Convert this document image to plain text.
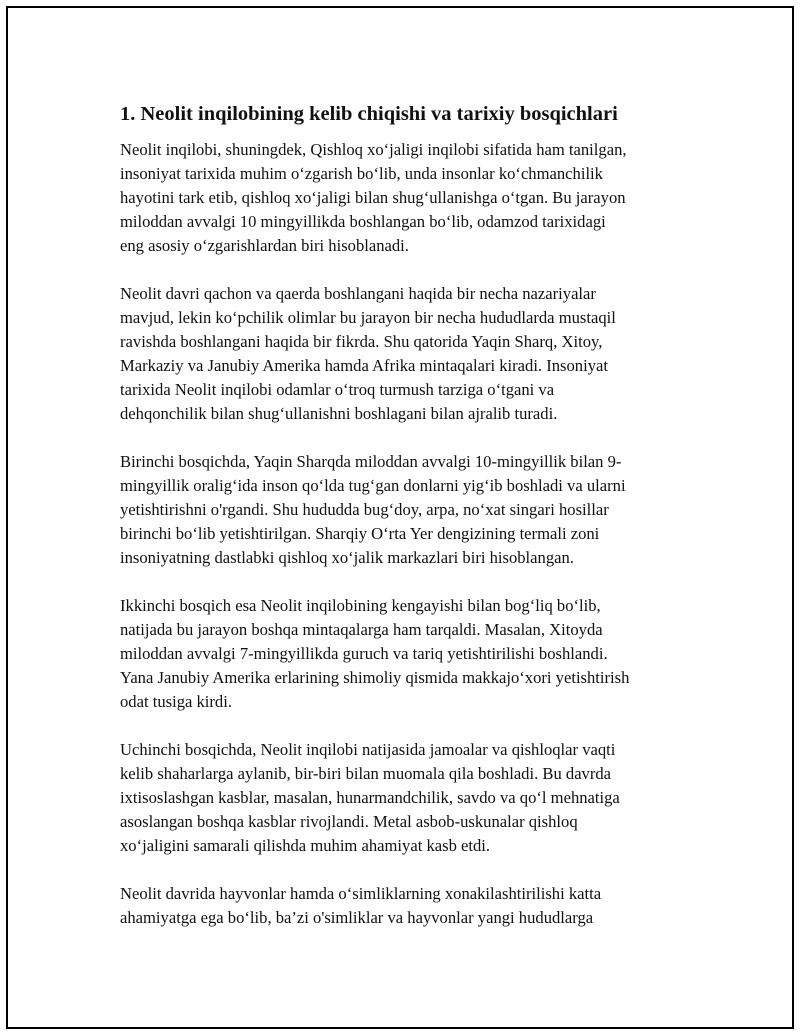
1. Neolit inqilobining kelib chiqishi va tarixiy bosqichlari
Neolit inqilobi, shuningdek, Qishloq xo‘jaligi inqilobi sifatida ham tanilgan,
insoniyat tarixida muhim o‘zgarish bo‘lib, unda insonlar ko‘chmanchilik
hayotini tark etib, qishloq xo‘jaligi bilan shug‘ullanishga o‘tgan. Bu jarayon
miloddan avvalgi 10 mingyillikda boshlangan bo‘lib, odamzod tarixidagi
eng asosiy o‘zgarishlardan biri hisoblanadi.
Neolit davri qachon va qaerda boshlangani haqida bir necha nazariyalar
mavjud, lekin ko‘pchilik olimlar bu jarayon bir necha hududlarda mustaqil
ravishda boshlangani haqida bir fikrda. Shu qatorida Yaqin Sharq, Xitoy,
Markaziy va Janubiy Amerika hamda Afrika mintaqalari kiradi. Insoniyat
tarixida Neolit inqilobi odamlar o‘troq turmush tarziga o‘tgani va
dehqonchilik bilan shug‘ullanishni boshlagani bilan ajralib turadi.
Birinchi bosqichda, Yaqin Sharqda miloddan avvalgi 10-mingyillik bilan 9-
mingyillik oralig‘ida inson qo‘lda tug‘gan donlarni yig‘ib boshladi va ularni
yetishtirishni o'rgandi. Shu hududda bug‘doy, arpa, no‘xat singari hosillar
birinchi bo‘lib yetishtirilgan. Sharqiy O‘rta Yer dengizining termali zoni
insoniyatning dastlabki qishloq xo‘jalik markazlari biri hisoblangan.
Ikkinchi bosqich esa Neolit inqilobining kengayishi bilan bog‘liq bo‘lib,
natijada bu jarayon boshqa mintaqalarga ham tarqaldi. Masalan, Xitoyda
miloddan avvalgi 7-mingyillikda guruch va tariq yetishtirilishi boshlandi.
Yana Janubiy Amerika erlarining shimoliy qismida makkajo‘xori yetishtirish
odat tusiga kirdi.
Uchinchi bosqichda, Neolit inqilobi natijasida jamoalar va qishloqlar vaqti
kelib shaharlarga aylanib, bir-biri bilan muomala qila boshladi. Bu davrda
ixtisoslashgan kasblar, masalan, hunarmandchilik, savdo va qo‘l mehnatiga
asoslangan boshqa kasblar rivojlandi. Metal asbob-uskunalar qishloq
xo‘jaligini samarali qilishda muhim ahamiyat kasb etdi.
Neolit davrida hayvonlar hamda o‘simliklarning xonakilashtirilishi katta
ahamiyatga ega bo‘lib, ba’zi o'simliklar va hayvonlar yangi hududlarga
